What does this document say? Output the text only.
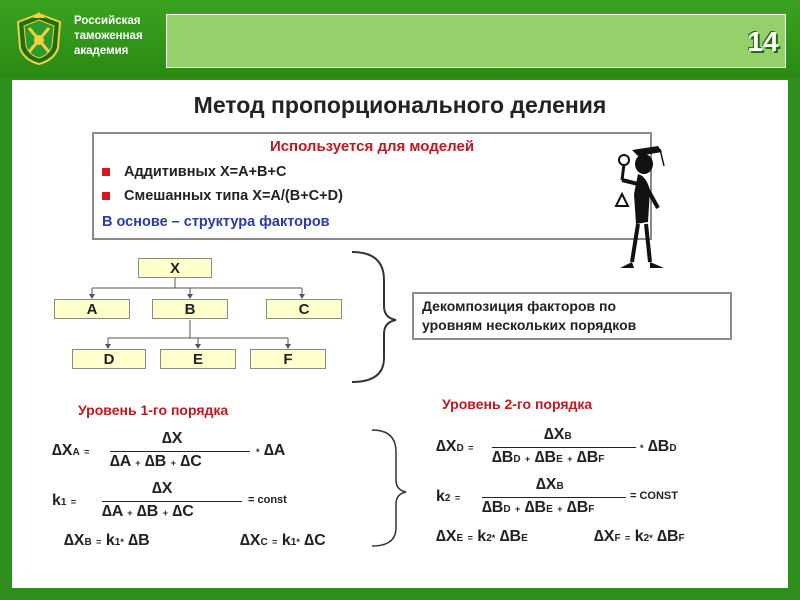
Российская
таможенная
академия	14
Метод пропорционального деления
Используется для моделей
Аддитивных X=A+B+C
Смешанных типа X=A/(B+C+D)
В основе – структура факторов
X
A	B	C
D	E	F
Декомпозиция факторов по
уровням нескольких порядков
Уровень 1-го порядка	Уровень 2-го порядка
∆XA =
∆X
∆A + ∆B + ∆C
* ∆A
k1 =
∆X
∆A + ∆B + ∆C
= const
∆XB = k1* ∆B	∆XC = k1* ∆C
∆XD =
∆XB
∆BD + ∆BE + ∆BF
* ∆BD
k2 =
∆XB
∆BD + ∆BE + ∆BF
= CONST
∆XE = k2* ∆BE	∆XF = k2* ∆BF
